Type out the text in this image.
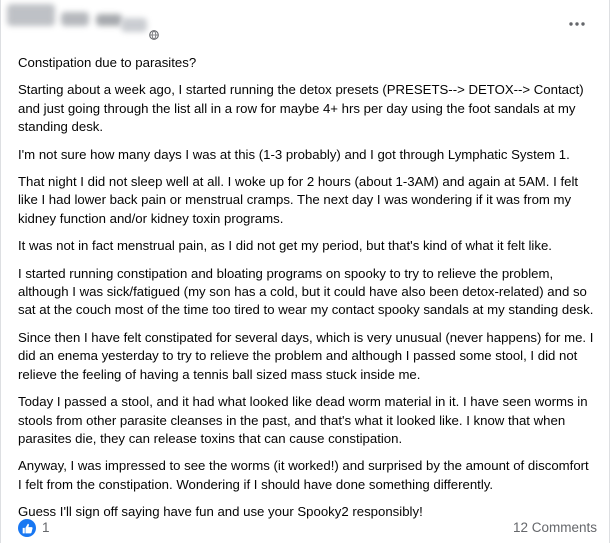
Constipation due to parasites?

Starting about a week ago, I started running the detox presets (PRESETS--> DETOX--> Contact) and just going through the list all in a row for maybe 4+ hrs per day using the foot sandals at my standing desk.

I'm not sure how many days I was at this (1-3 probably) and I got through Lymphatic System 1.

That night I did not sleep well at all. I woke up for 2 hours (about 1-3AM) and again at 5AM. I felt like I had lower back pain or menstrual cramps. The next day I was wondering if it was from my kidney function and/or kidney toxin programs.

It was not in fact menstrual pain, as I did not get my period, but that's kind of what it felt like.

I started running constipation and bloating programs on spooky to try to relieve the problem, although I was sick/fatigued (my son has a cold, but it could have also been detox-related) and so sat at the couch most of the time too tired to wear my contact spooky sandals at my standing desk.

Since then I have felt constipated for several days, which is very unusual (never happens) for me. I did an enema yesterday to try to relieve the problem and although I passed some stool, I did not relieve the feeling of having a tennis ball sized mass stuck inside me.

Today I passed a stool, and it had what looked like dead worm material in it. I have seen worms in stools from other parasite cleanses in the past, and that's what it looked like. I know that when parasites die, they can release toxins that can cause constipation.

Anyway, I was impressed to see the worms (it worked!) and surprised by the amount of discomfort I felt from the constipation. Wondering if I should have done something differently.

Guess I'll sign off saying have fun and use your Spooky2 responsibly!

1	12 Comments
